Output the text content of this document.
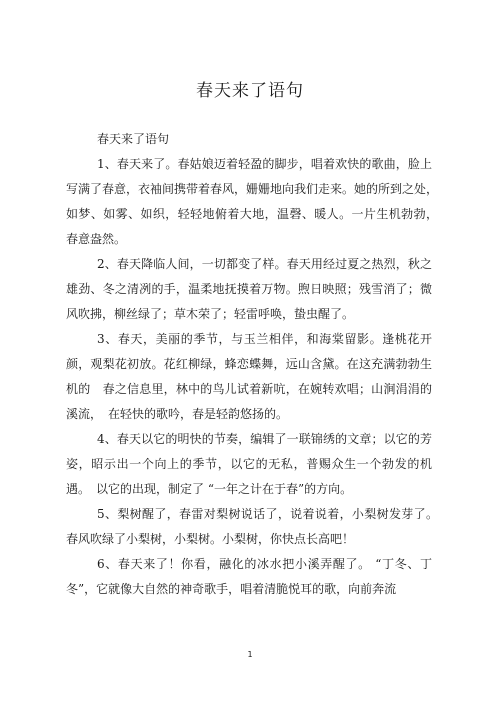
春天来了语句

春天来了语句

1、春天来了。春姑娘迈着轻盈的脚步，唱着欢快的歌曲，脸上　写满了春意，衣袖间携带着春风，姗姗地向我们走来。她的所到之处，　如梦、如雾、如织，轻轻地俯着大地，温磬、暖人。一片生机勃勃，　春意盎然。

2、春天降临人间，一切都变了样。春天用经过夏之热烈，秋之　雄劲、冬之清冽的手，温柔地抚摸着万物。煦日映照；残雪消了；微　风吹拂，柳丝绿了；草木荣了；轻雷呼唤，蛰虫醒了。

3、春天，美丽的季节，与玉兰相伴，和海棠留影。逢桃花开颜，观梨花初放。花红柳绿，蜂恋蝶舞，远山含黛。在这充满勃勃生机的　春之信息里，林中的鸟儿试着新吭，在婉转欢唱；山涧涓涓的溪流，　在轻快的歌吟，春是轻韵悠扬的。

4、春天以它的明快的节奏，编辑了一联锦绣的文章；以它的芳 姿，昭示出一个向上的季节，以它的无私，普赐众生一个勃发的机遇。　以它的出现，制定了 “一年之计在于春”的方向。

5、梨树醒了，春雷对梨树说话了，说着说着，小梨树发芽了。　春风吹绿了小梨树，小梨树。小梨树，你快点长高吧！

6、春天来了！你看，融化的冰水把小溪弄醒了。 “丁冬、丁冬”，它就像大自然的神奇歌手，唱着清脆悦耳的歌，向前奔流

1
